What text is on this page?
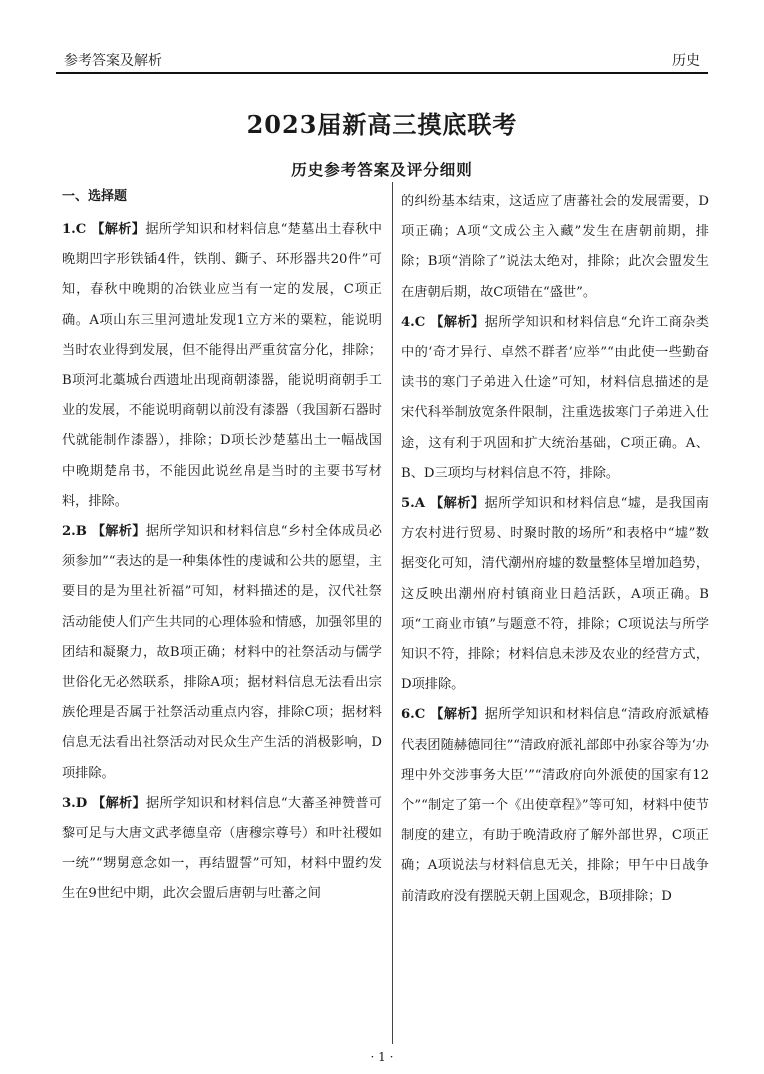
参考答案及解析	历史
2023届新高三摸底联考
历史参考答案及评分细则
一、选择题

1.C 【解析】据所学知识和材料信息“楚墓出土春秋中晚期凹字形铁锸4件，铁削、鐁子、环形器共20件”可知，春秋中晚期的冶铁业应当有一定的发展，C项正确。A项山东三里河遗址发现1立方米的粟粒，能说明当时农业得到发展，但不能得出严重贫富分化，排除；B项河北藁城台西遗址出现商朝漆器，能说明商朝手工业的发展，不能说明商朝以前没有漆器（我国新石器时代就能制作漆器），排除；D项长沙楚墓出土一幅战国中晚期楚帛书，不能因此说丝帛是当时的主要书写材料，排除。

2.B 【解析】据所学知识和材料信息“乡村全体成员必须参加”“表达的是一种集体性的虔诚和公共的愿望，主要目的是为里社祈福”可知，材料描述的是，汉代社祭活动能使人们产生共同的心理体验和情感，加强邻里的团结和凝聚力，故B项正确；材料中的社祭活动与儒学世俗化无必然联系，排除A项；据材料信息无法看出宗族伦理是否属于社祭活动重点内容，排除C项；据材料信息无法看出社祭活动对民众生产生活的消极影响，D项排除。

3.D 【解析】据所学知识和材料信息“大蕃圣神赞普可黎可足与大唐文武孝德皇帝（唐穆宗尊号）和叶社稷如一统”“甥舅意念如一，再结盟誓”可知，材料中盟约发生在9世纪中期，此次会盟后唐朝与吐蕃之间

的纠纷基本结束，这适应了唐蕃社会的发展需要，D项正确；A项“文成公主入藏”发生在唐朝前期，排除；B项“消除了”说法太绝对，排除；此次会盟发生在唐朝后期，故C项错在“盛世”。

4.C 【解析】据所学知识和材料信息“允许工商杂类中的‘奇才异行、卓然不群者’应举”“由此使一些勤奋读书的寒门子弟进入仕途”可知，材料信息描述的是宋代科举制放宽条件限制，注重选拔寒门子弟进入仕途，这有利于巩固和扩大统治基础，C项正确。A、B、D三项均与材料信息不符，排除。

5.A 【解析】据所学知识和材料信息“墟，是我国南方农村进行贸易、时聚时散的场所”和表格中“墟”数据变化可知，清代潮州府墟的数量整体呈增加趋势，这反映出潮州府村镇商业日趋活跃，A项正确。B项“工商业市镇”与题意不符，排除；C项说法与所学知识不符，排除；材料信息未涉及农业的经营方式，D项排除。

6.C 【解析】据所学知识和材料信息“清政府派斌椿代表团随赫德同往”“清政府派礼部郎中孙家谷等为‘办理中外交涉事务大臣’”“清政府向外派使的国家有12个”“制定了第一个《出使章程》”等可知，材料中使节制度的建立，有助于晚清政府了解外部世界，C项正确；A项说法与材料信息无关，排除；甲午中日战争前清政府没有摆脱天朝上国观念，B项排除；D

· 1 ·
